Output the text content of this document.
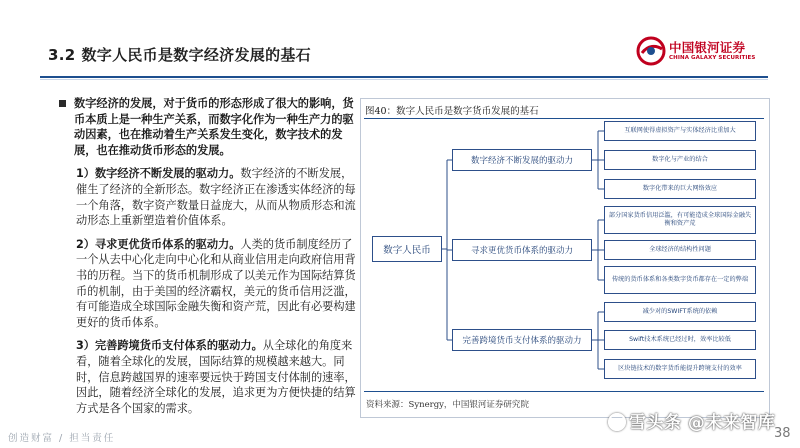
3.2 数字人民币是数字经济发展的基石	中国银河证券
CHINA GALAXY SECURITIES
数字经济的发展，对于货币的形态形成了很大的影响，货币本质上是一种生产关系，而数字化作为一种生产力的驱动因素，也在推动着生产关系发生变化，数字技术的发展，也在推动货币形态的发展。
1）数字经济不断发展的驱动力。数字经济的不断发展，催生了经济的全新形态。数字经济正在渗透实体经济的每一个角落，数字资产数量日益庞大，从而从物质形态和流动形态上重新塑造着价值体系。
2）寻求更优货币体系的驱动力。人类的货币制度经历了一个从去中心化走向中心化和从商业信用走向政府信用背书的历程。当下的货币机制形成了以美元作为国际结算货币的机制，由于美国的经济霸权，美元的货币信用泛滥，有可能造成全球国际金融失衡和资产荒，因此有必要构建更好的货币体系。
3）完善跨境货币支付体系的驱动力。从全球化的角度来看，随着全球化的发展，国际结算的规模越来越大。同时，信息跨越国界的速率要远快于跨国支付体制的速率，因此，随着经济全球化的发展，追求更为方便快捷的结算方式是各个国家的需求。
图40：数字人民币是数字货币发展的基石
数字人民币
数字经济不断发展的驱动力
寻求更优货币体系的驱动力
完善跨境货币支付体系的驱动力
互联网使得虚拟资产与实体经济比重加大
数字化与产业的结合
数字化带来的巨大网络效应
部分国家货币信用泛滥，有可能造成全球国际金融失衡和资产荒
全球经济的结构性问题
传统的货币体系和各类数字货币都存在一定的弊端
减少对的SWIFT系统的依赖
Swift技术系统已经过时，效率比较低
区块链技术的数字货币能提升跨境支付的效率
资料来源：Synergy，中国银河证券研究院
创造财富 / 担当责任
雪头条 @未来智库
38
